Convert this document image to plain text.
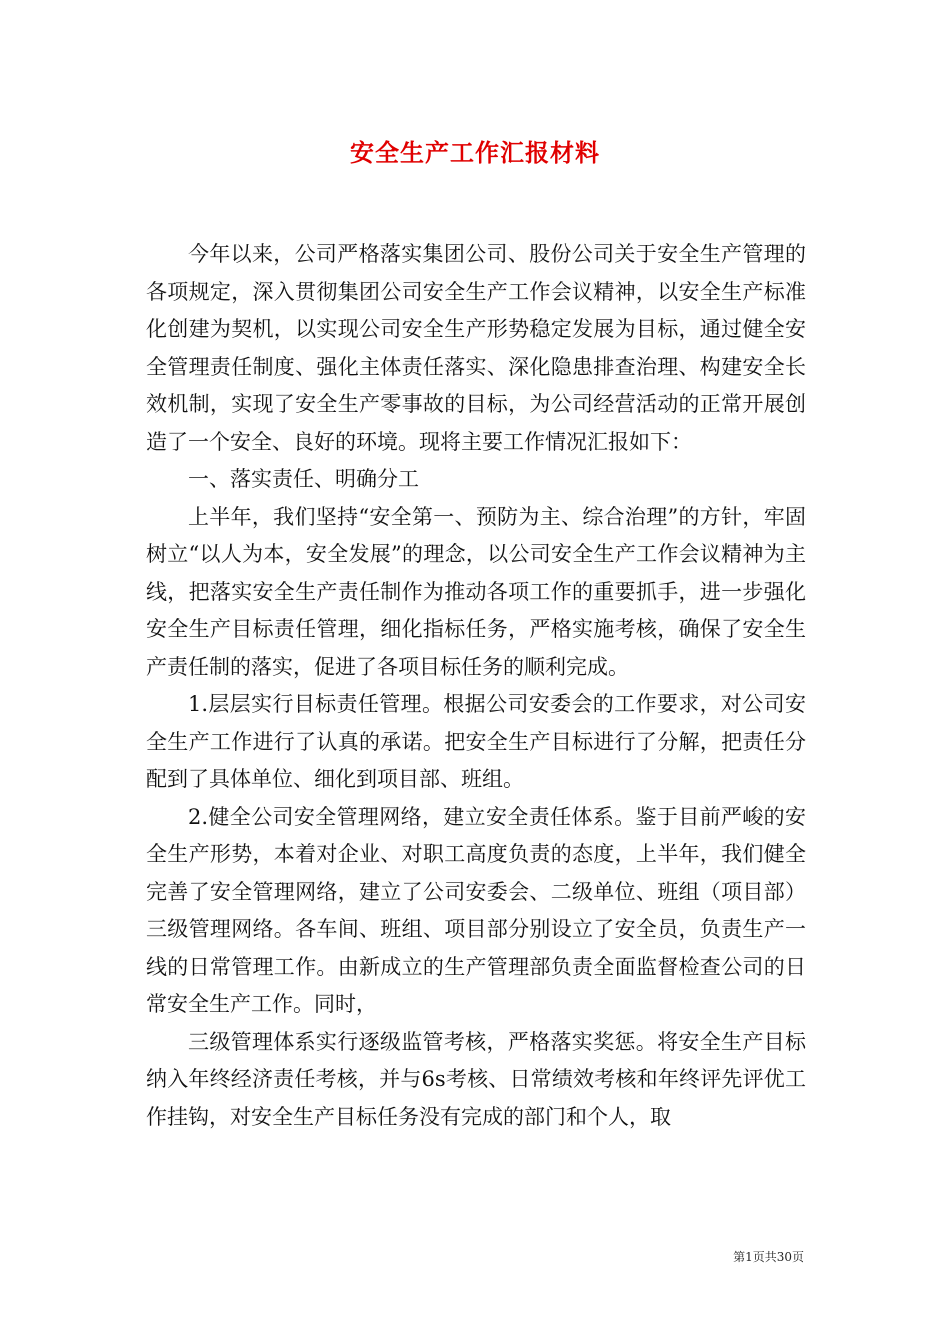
安全生产工作汇报材料

今年以来，公司严格落实集团公司、股份公司关于安全生产管理的各项规定，深入贯彻集团公司安全生产工作会议精神，以安全生产标准化创建为契机，以实现公司安全生产形势稳定发展为目标，通过健全安全管理责任制度、强化主体责任落实、深化隐患排查治理、构建安全长效机制，实现了安全生产零事故的目标，为公司经营活动的正常开展创造了一个安全、良好的环境。现将主要工作情况汇报如下：

一、落实责任、明确分工

上半年，我们坚持“安全第一、预防为主、综合治理”的方针，牢固树立“以人为本，安全发展”的理念，以公司安全生产工作会议精神为主线，把落实安全生产责任制作为推动各项工作的重要抓手，进一步强化安全生产目标责任管理，细化指标任务，严格实施考核，确保了安全生产责任制的落实，促进了各项目标任务的顺利完成。

1.层层实行目标责任管理。根据公司安委会的工作要求，对公司安全生产工作进行了认真的承诺。把安全生产目标进行了分解，把责任分配到了具体单位、细化到项目部、班组。

2.健全公司安全管理网络，建立安全责任体系。鉴于目前严峻的安全生产形势，本着对企业、对职工高度负责的态度，上半年，我们健全完善了安全管理网络，建立了公司安委会、二级单位、班组（项目部）三级管理网络。各车间、班组、项目部分别设立了安全员，负责生产一线的日常管理工作。由新成立的生产管理部负责全面监督检查公司的日常安全生产工作。同时，

三级管理体系实行逐级监管考核，严格落实奖惩。将安全生产目标纳入年终经济责任考核，并与6s考核、日常绩效考核和年终评先评优工作挂钩，对安全生产目标任务没有完成的部门和个人，取

第1页共30页
